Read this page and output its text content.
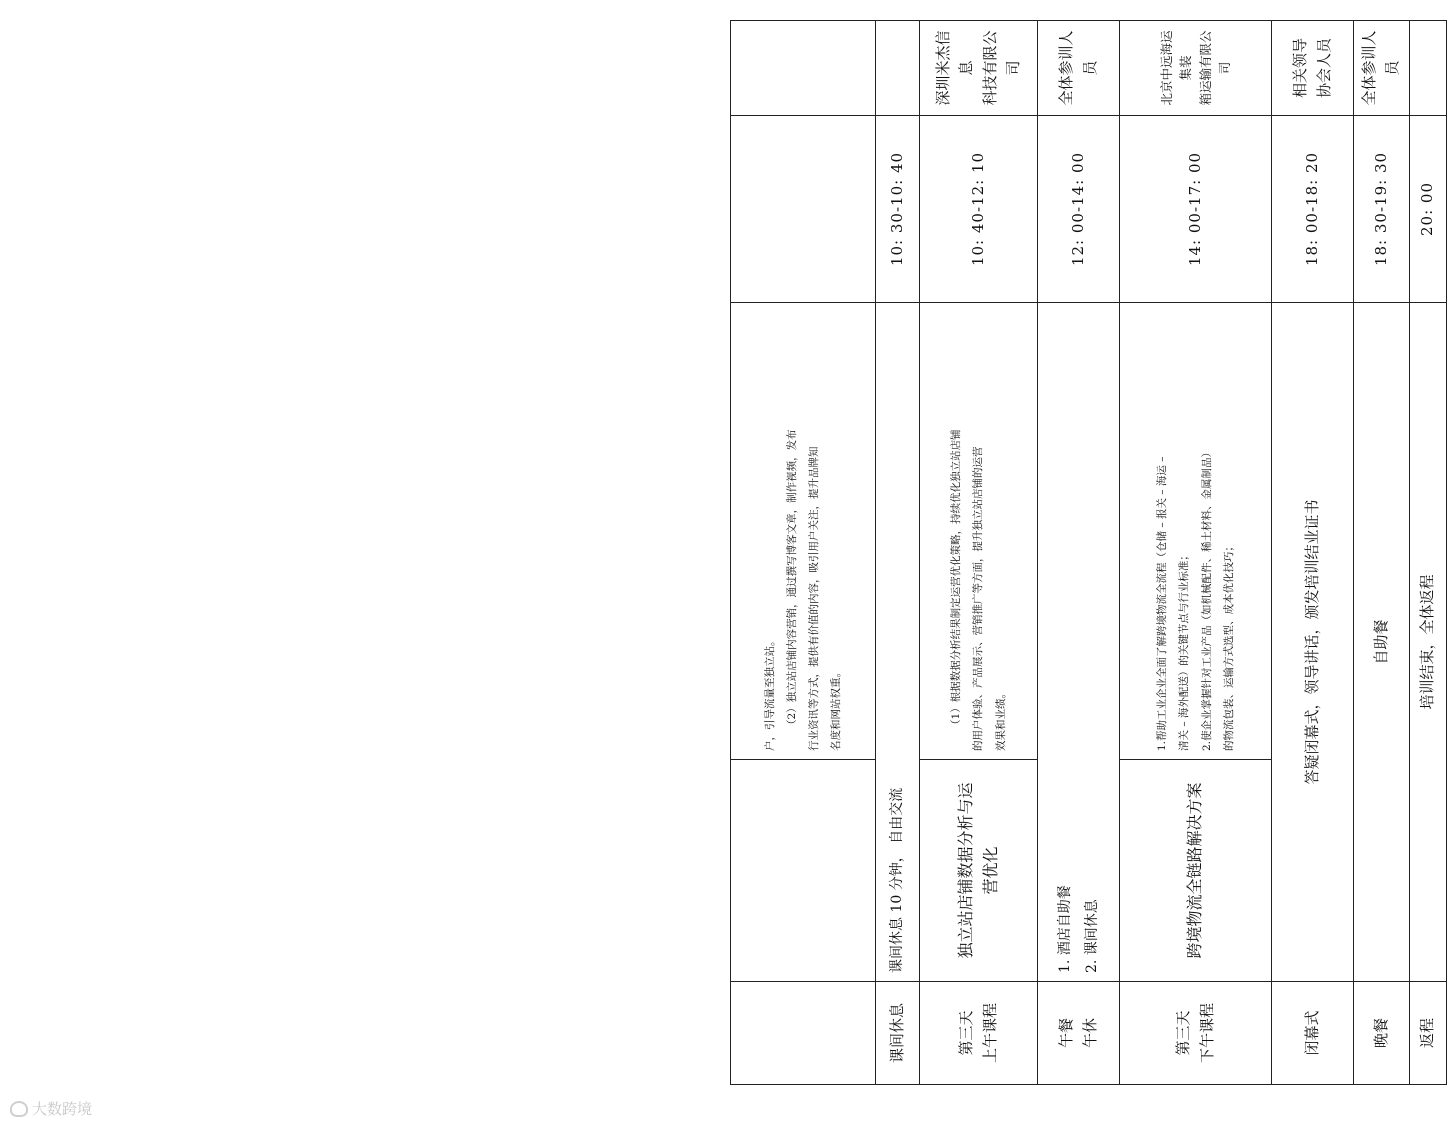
		户，引导流量至独立站。 （2）独立站店铺内容营销，通过撰写博客文章，制作视频，发布 行业资讯等方式，提供有价值的内容，吸引用户关注，提升品牌知 名度和网站权重。		

课间休息	课间休息 10 分钟， 自由交流		10: 30-10: 40	

第三天 上午课程	独立站店铺数据分析与运 营优化	（1）根据数据分析结果制定运营优化策略，持续优化独立站店铺 的用户体验、产品展示、营销推广等方面，提升独立站店铺的运营 效果和业绩。	10: 40-12: 10	深圳米杰信息 科技有限公司

午餐 午休	1. 酒店自助餐 2. 课间休息		12: 00-14: 00	全体参训人员

第三天 下午课程	跨境物流全链路解决方案	1.帮助工业企业全面了解跨境物流全流程（仓储 – 报关 – 海运 – 清关 – 海外配送）的关键节点与行业标准； 2.使企业掌握针对工业产品（如机械配件、稀土材料、金属制品） 的物流包装、运输方式选型、成本优化技巧；	14: 00-17: 00	北京中远海运集装 箱运输有限公司

闭幕式	答疑闭幕式，领导讲话，颁发培训结业证书		18: 00-18: 20	相关领导 协会人员

晚餐	自助餐		18: 30-19: 30	全体参训人员
返程	培训结束，全体返程		20: 00	
大数跨境
